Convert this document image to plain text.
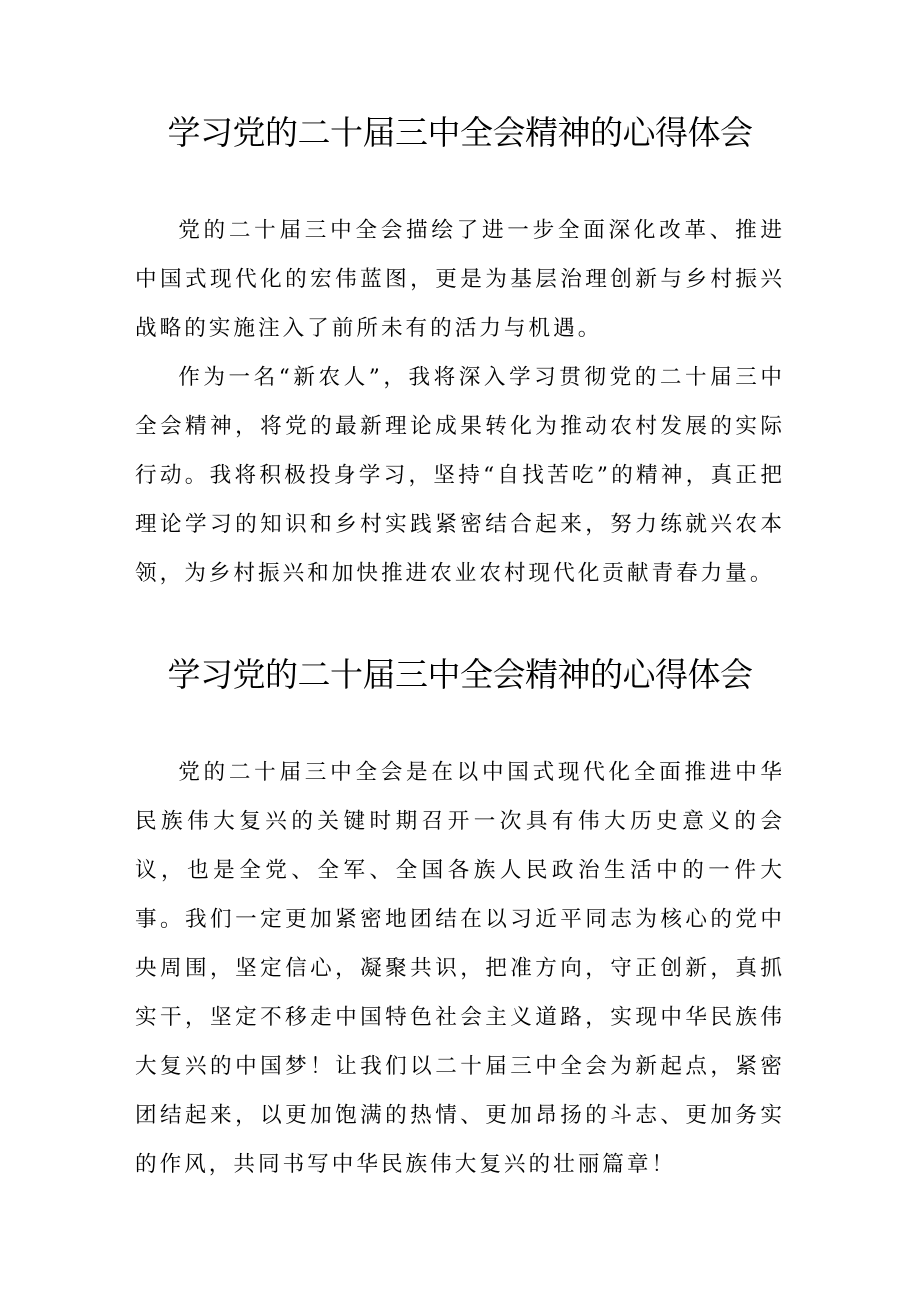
学习党的二十届三中全会精神的心得体会

党的二十届三中全会描绘了进一步全面深化改革、推进中国式现代化的宏伟蓝图，更是为基层治理创新与乡村振兴战略的实施注入了前所未有的活力与机遇。

作为一名“新农人”，我将深入学习贯彻党的二十届三中全会精神，将党的最新理论成果转化为推动农村发展的实际行动。我将积极投身学习，坚持“自找苦吃”的精神，真正把理论学习的知识和乡村实践紧密结合起来，努力练就兴农本领，为乡村振兴和加快推进农业农村现代化贡献青春力量。

学习党的二十届三中全会精神的心得体会

党的二十届三中全会是在以中国式现代化全面推进中华民族伟大复兴的关键时期召开一次具有伟大历史意义的会议，也是全党、全军、全国各族人民政治生活中的一件大事。我们一定更加紧密地团结在以习近平同志为核心的党中央周围，坚定信心，凝聚共识，把准方向，守正创新，真抓实干，坚定不移走中国特色社会主义道路，实现中华民族伟大复兴的中国梦！让我们以二十届三中全会为新起点，紧密团结起来，以更加饱满的热情、更加昂扬的斗志、更加务实的作风，共同书写中华民族伟大复兴的壮丽篇章！
